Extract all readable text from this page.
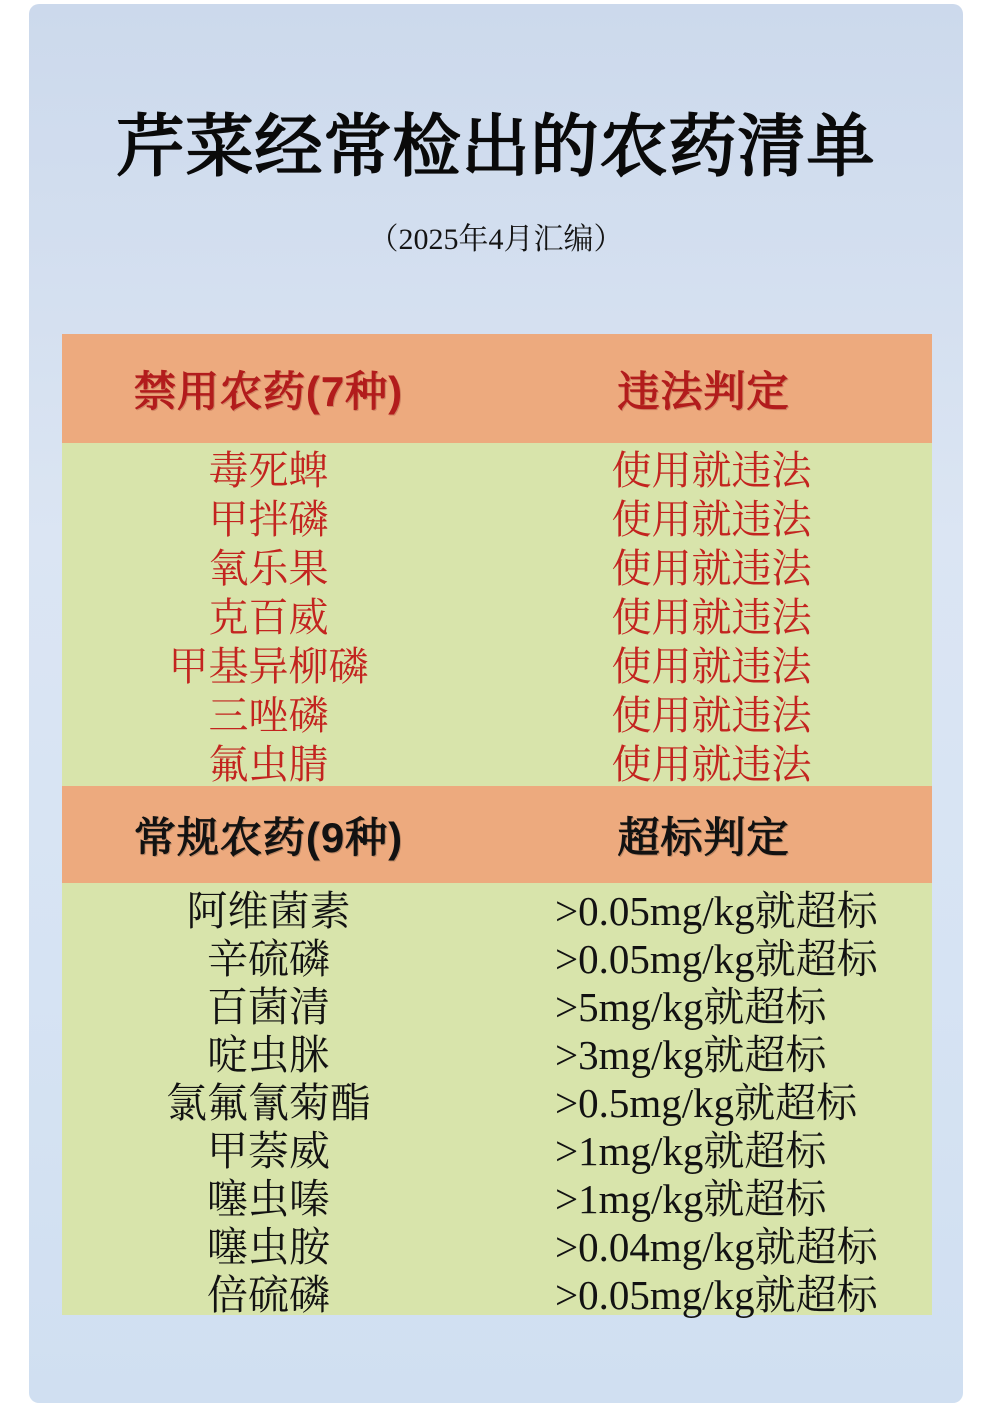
芹菜经常检出的农药清单
（2025年4月汇编）
禁用农药(7种)	违法判定
毒死蜱	使用就违法
甲拌磷	使用就违法
氧乐果	使用就违法
克百威	使用就违法
甲基异柳磷	使用就违法
三唑磷	使用就违法
氟虫腈	使用就违法
常规农药(9种)	超标判定
阿维菌素	>0.05mg/kg就超标
辛硫磷	>0.05mg/kg就超标
百菌清	>5mg/kg就超标
啶虫脒	>3mg/kg就超标
氯氟氰菊酯	>0.5mg/kg就超标
甲萘威	>1mg/kg就超标
噻虫嗪	>1mg/kg就超标
噻虫胺	>0.04mg/kg就超标
倍硫磷	>0.05mg/kg就超标
